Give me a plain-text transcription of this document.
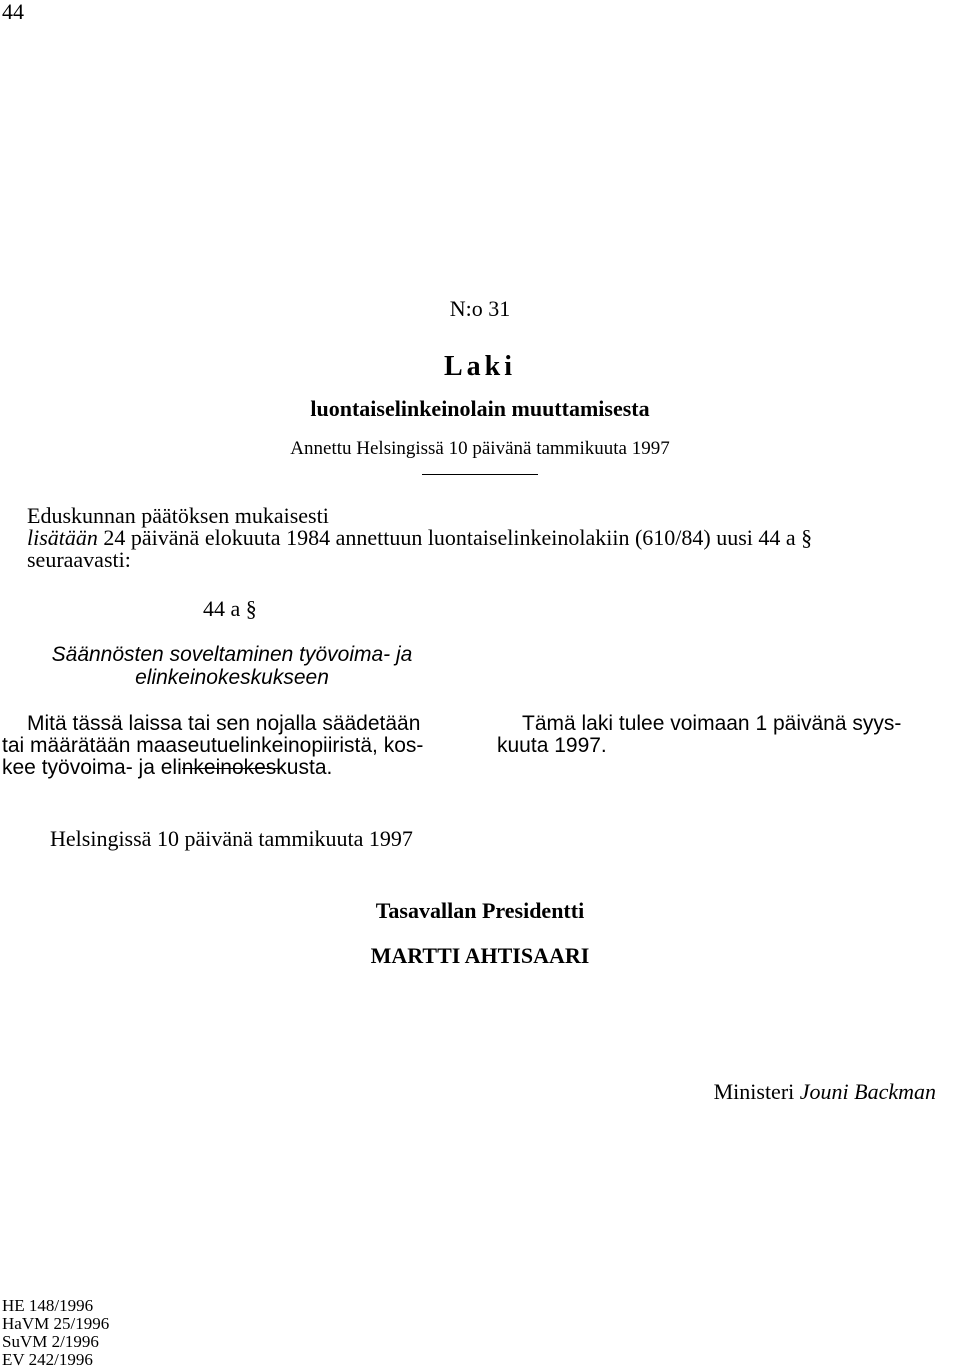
44
N:o 31
Laki
luontaiselinkeinolain muuttamisesta
Annettu Helsingissä 10 päivänä tammikuuta 1997
Eduskunnan päätöksen mukaisesti
lisätään 24 päivänä elokuuta 1984 annettuun luontaiselinkeinolakiin (610/84) uusi 44 a §
seuraavasti:
44 a §
Säännösten soveltaminen työvoima- ja
elinkeinokeskukseen
Mitä tässä laissa tai sen nojalla säädetään
tai määrätään maaseutuelinkeinopiiristä, kos-
kee työvoima- ja elinkeinokeskusta.
Tämä laki tulee voimaan 1 päivänä syys-
kuuta 1997.
Helsingissä 10 päivänä tammikuuta 1997
Tasavallan Presidentti
MARTTI AHTISAARI
Ministeri Jouni Backman
HE 148/1996
HaVM 25/1996
SuVM 2/1996
EV 242/1996
